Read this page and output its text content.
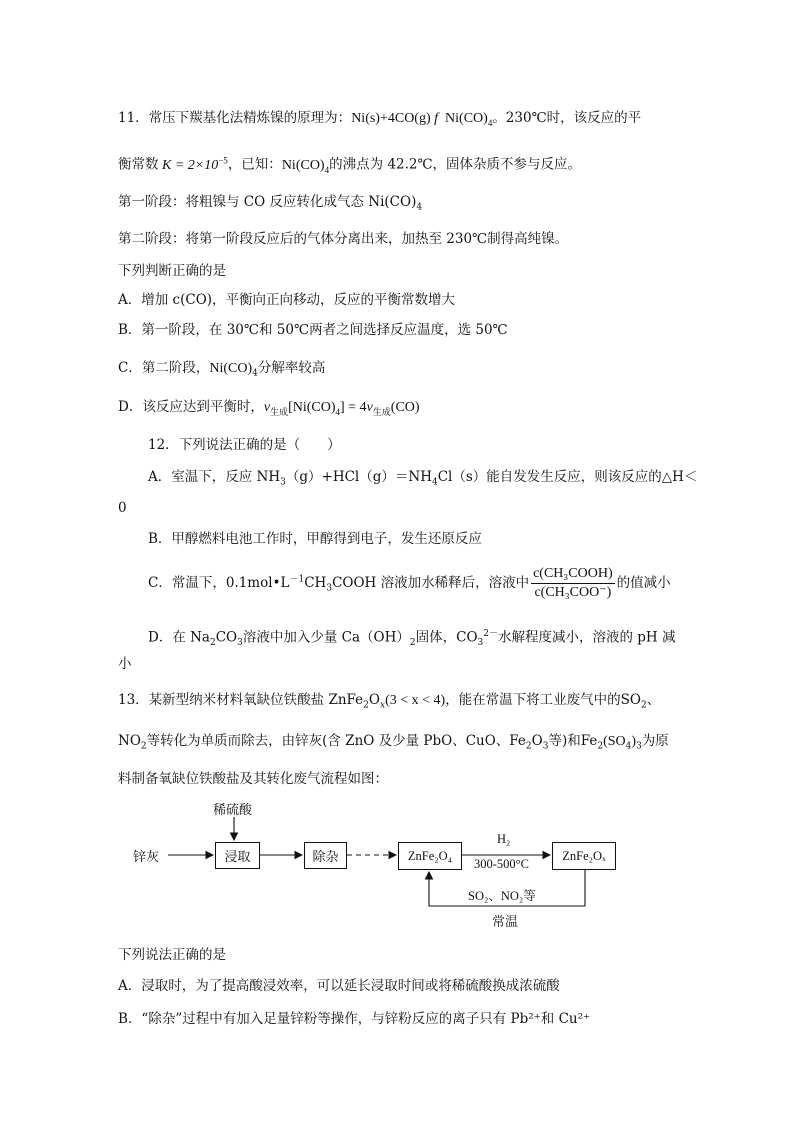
11．常压下羰基化法精炼镍的原理为：Ni(s)+4CO(g) f $Ni(CO)_4$。230℃时，该反应的平
衡常数 $K = 2\times 10^{-5}$，已知：$Ni(CO)_4$的沸点为 42.2℃，固体杂质不参与反应。
第一阶段：将粗镍与 CO 反应转化成气态 $Ni(CO)_4$
第二阶段：将第一阶段反应后的气体分离出来，加热至 230℃制得高纯镍。
下列判断正确的是
A．增加 c(CO)，平衡向正向移动，反应的平衡常数增大
B．第一阶段，在 30℃和 50℃两者之间选择反应温度，选 50℃
C．第二阶段，$Ni(CO)_4$分解率较高
D．该反应达到平衡时，$v_{生成}[Ni(CO)_4] = 4v_{生成}(CO)$
12．下列说法正确的是（　　）
A．室温下，反应 $NH_3(g)+HCl(g)=NH_4Cl(s)$能自发发生反应，则该反应的△H＜
0
B．甲醇燃料电池工作时，甲醇得到电子，发生还原反应
C．常温下，$0.1mol•L^{-1}CH_3COOH$ 溶液加水稀释后，溶液中 $\frac{\text{c(CH₃COOH)}}{\text{c(CH₃COO⁻)}}$ 的值减小
D．在 $Na_2CO_3$溶液中加入少量 $Ca(OH)_2$固体，$CO_3^{2-}$水解程度减小，溶液的 pH 减
小
13．某新型纳米材料氧缺位铁酸盐 $ZnFe_2O_x(3 < x < 4)$，能在常温下将工业废气中的$SO_2$、
$NO_2$等转化为单质而除去，由锌灰(含 ZnO 及少量 PbO、CuO、$Fe_2O_3$等)和$Fe_2(SO_4)_3$为原
料制备氧缺位铁酸盐及其转化废气流程如图：
稀硫酸
锌灰	浸取	除杂	ZnFe₂O₄	ZnFe₂Oₓ
H₂
300-500°C
SO₂、NO₂等
常温
下列说法正确的是
A．浸取时，为了提高酸浸效率，可以延长浸取时间或将稀硫酸换成浓硫酸
B．“除杂”过程中有加入足量锌粉等操作，与锌粉反应的离子只有 Pb²⁺和 Cu²⁺
